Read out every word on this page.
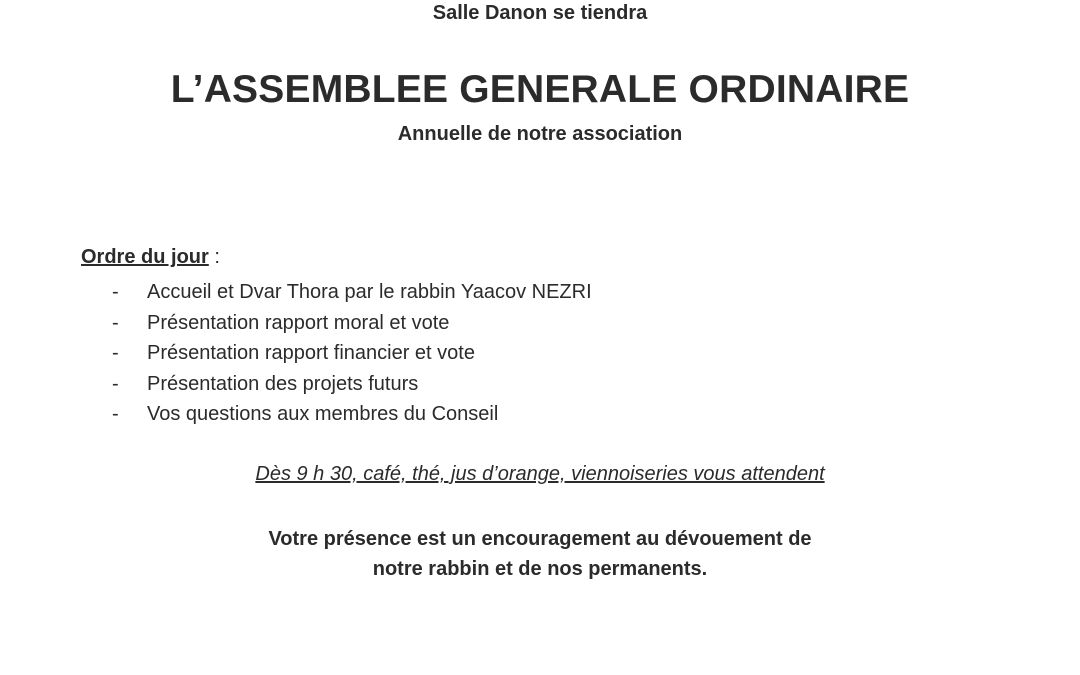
Salle Danon se tiendra
L’ASSEMBLEE GENERALE ORDINAIRE
Annuelle de notre association
Ordre du jour :
- Accueil et Dvar Thora par le rabbin Yaacov NEZRI
- Présentation rapport moral et vote
- Présentation rapport financier et vote
- Présentation des projets futurs
- Vos questions aux membres du Conseil
Dès 9 h 30, café, thé, jus d’orange, viennoiseries vous attendent
Votre présence est un encouragement au dévouement de
notre rabbin et de nos permanents.
